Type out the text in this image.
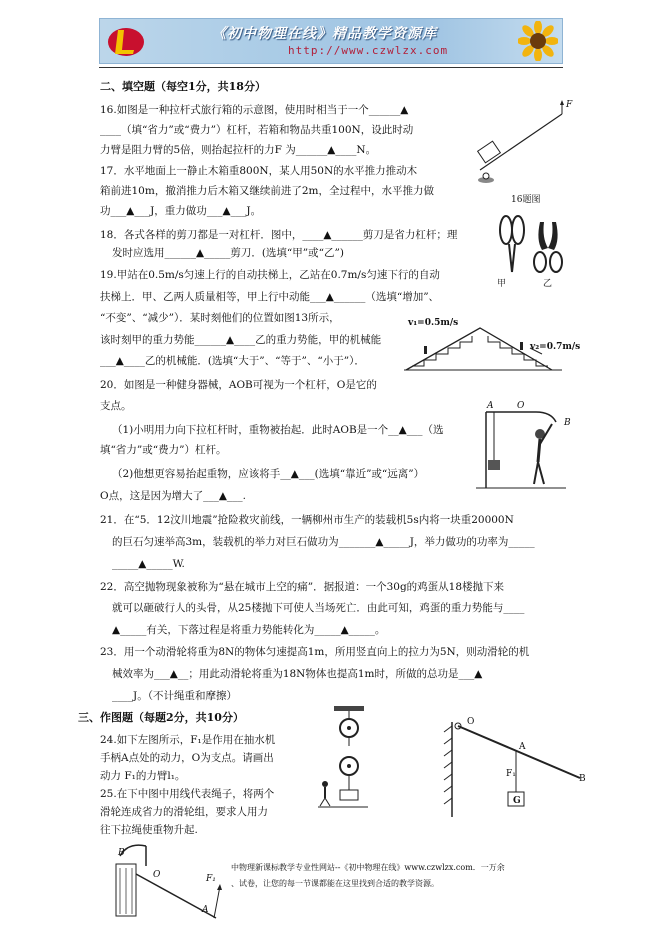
《初中物理在线》精品教学资源库
http://www.czwlzx.com
二、填空题（每空1分，共18分）
16.如图是一种拉杆式旅行箱的示意图，使用时相当于一个______▲
____（填“省力”或“费力”）杠杆，若箱和物品共重100N，设此时动
力臂是阻力臂的5倍，则抬起拉杆的力F 为______▲____N。
17．水平地面上一静止木箱重800N，某人用50N的水平推力推动木
箱前进10m，撤消推力后木箱又继续前进了2m，全过程中，水平推力做
功___▲___J，重力做功___▲___J。
18．各式各样的剪刀都是一对杠杆．图中，____▲______剪刀是省力杠杆；理
发时应选用______▲_____剪刀．(选填“甲”或“乙”)
19.甲站在0.5m/s匀速上行的自动扶梯上，乙站在0.7m/s匀速下行的自动
扶梯上．甲、乙两人质量相等，甲上行中动能___▲______（选填“增加”、
“不变”、“减少”）．某时刻他们的位置如图13所示，
该时刻甲的重力势能______▲____乙的重力势能，甲的机械能
___▲____乙的机械能．(选填“大于”、“等于”、“小于”）．
20．如图是一种健身器械，AOB可视为一个杠杆，O是它的
支点。
（1)小明用力向下拉杠杆时，重物被抬起．此时AOB是一个__▲___（选
填“省力”或“费力”）杠杆。
（2)他想更容易抬起重物，应该将手__▲___(选填“靠近”或“远离”）
O点，这是因为增大了___▲___.
21．在“5．12汶川地震”抢险救灾前线，一辆柳州市生产的装载机5s内将一块重20000N
的巨石匀速举高3m，装载机的举力对巨石做功为_______▲_____J，举力做功的功率为_____
_____▲_____W.
22．高空抛物现象被称为“悬在城市上空的痛”．据报道：一个30g的鸡蛋从18楼抛下来
就可以砸破行人的头骨，从25楼抛下可使人当场死亡．由此可知，鸡蛋的重力势能与____
▲_____有关，下落过程是将重力势能转化为_____▲_____。
23．用一个动滑轮将重为8N的物体匀速提高1m，所用竖直向上的拉力为5N，则动滑轮的机
械效率为___▲__；用此动滑轮将重为18N物体也提高1m时，所做的总功是___▲
____J。（不计绳重和摩擦）
三、作图题（每题2分，共10分）
24.如下左图所示，F₁是作用在抽水机
手柄A点处的动力，O为支点。请画出
动力 F₁的力臂l₁。
25.在下中图中用线代表绳子，将两个
滑轮连成省力的滑轮组，要求人用力
往下拉绳使重物升起.
F
16题图
甲	乙
v₁=0.5m/s
v₂=0.7m/s
A	O
B
O
A
B
F₁
G
B
O	F₁
A
中物理新课标教学专业性网站--《初中物理在线》www.czwlzx.com．一万余
、试卷，让您的每一节课都能在这里找到合适的教学资源。
